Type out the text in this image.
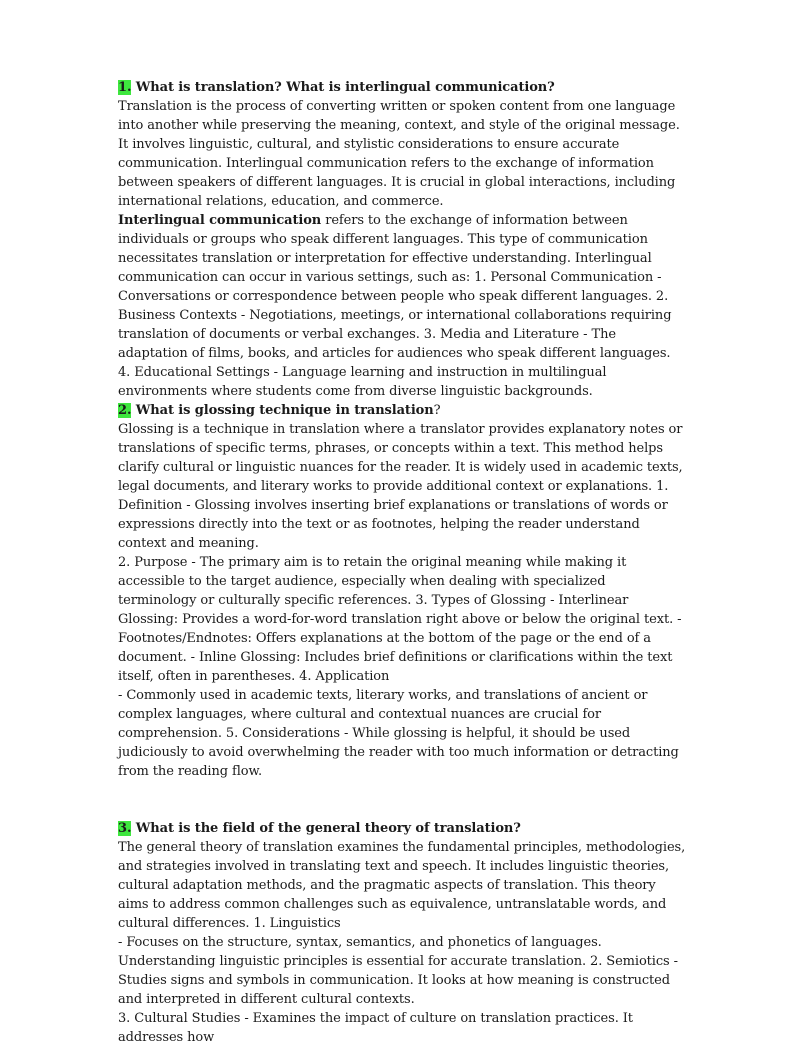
1. What is translation? What is interlingual communication?

Translation is the process of converting written or spoken content from one language into another while preserving the meaning, context, and style of the original message. It involves linguistic, cultural, and stylistic considerations to ensure accurate communication. Interlingual communication refers to the exchange of information between speakers of different languages. It is crucial in global interactions, including international relations, education, and commerce.

Interlingual communication refers to the exchange of information between individuals or groups who speak different languages. This type of communication necessitates translation or interpretation for effective understanding. Interlingual communication can occur in various settings, such as: 1. Personal Communication - Conversations or correspondence between people who speak different languages. 2. Business Contexts - Negotiations, meetings, or international collaborations requiring translation of documents or verbal exchanges. 3. Media and Literature - The adaptation of films, books, and articles for audiences who speak different languages. 4. Educational Settings - Language learning and instruction in multilingual environments where students come from diverse linguistic backgrounds.

2. What is glossing technique in translation?

Glossing is a technique in translation where a translator provides explanatory notes or translations of specific terms, phrases, or concepts within a text. This method helps clarify cultural or linguistic nuances for the reader. It is widely used in academic texts, legal documents, and literary works to provide additional context or explanations. 1. Definition - Glossing involves inserting brief explanations or translations of words or expressions directly into the text or as footnotes, helping the reader understand context and meaning.

2. Purpose - The primary aim is to retain the original meaning while making it accessible to the target audience, especially when dealing with specialized terminology or culturally specific references. 3. Types of Glossing - Interlinear Glossing: Provides a word-for-word translation right above or below the original text. - Footnotes/Endnotes: Offers explanations at the bottom of the page or the end of a document. - Inline Glossing: Includes brief definitions or clarifications within the text itself, often in parentheses. 4. Application

- Commonly used in academic texts, literary works, and translations of ancient or complex languages, where cultural and contextual nuances are crucial for comprehension. 5. Considerations - While glossing is helpful, it should be used judiciously to avoid overwhelming the reader with too much information or detracting from the reading flow.

3. What is the field of the general theory of translation?

The general theory of translation examines the fundamental principles, methodologies, and strategies involved in translating text and speech. It includes linguistic theories, cultural adaptation methods, and the pragmatic aspects of translation. This theory aims to address common challenges such as equivalence, untranslatable words, and cultural differences. 1. Linguistics

- Focuses on the structure, syntax, semantics, and phonetics of languages. Understanding linguistic principles is essential for accurate translation. 2. Semiotics - Studies signs and symbols in communication. It looks at how meaning is constructed and interpreted in different cultural contexts.

3. Cultural Studies - Examines the impact of culture on translation practices. It addresses how
